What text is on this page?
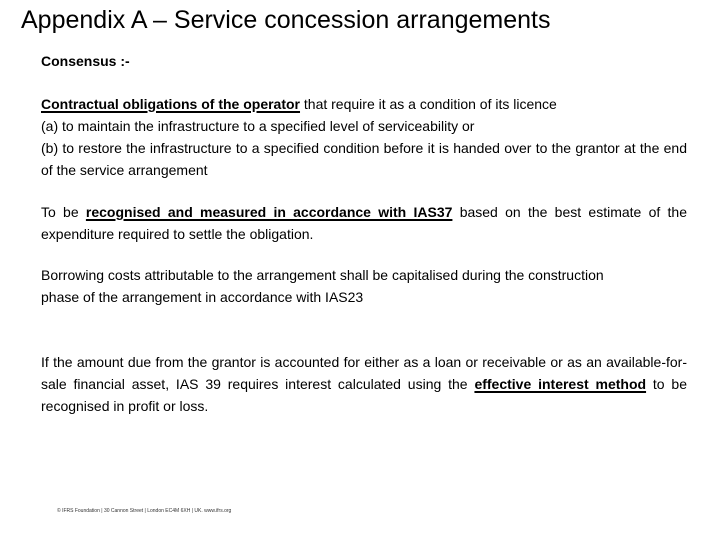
Appendix A – Service concession arrangements
Consensus :-

Contractual obligations of the operator that require it as a condition of its licence
(a) to maintain the infrastructure to a specified level of serviceability or

(b) to restore the infrastructure to a specified condition before it is handed over to the grantor at the end of the service arrangement

To be recognised and measured in accordance with IAS37 based on the best estimate of the expenditure required to settle the obligation.

Borrowing costs attributable to the arrangement shall be capitalised during the construction phase of the arrangement in accordance with IAS23

If the amount due from the grantor is accounted for either as a loan or receivable or as an available-for-sale financial asset, IAS 39 requires interest calculated using the effective interest method to be recognised in profit or loss.

© IFRS Foundation | 30 Cannon Street | London EC4M 6XH | UK. www.ifrs.org
